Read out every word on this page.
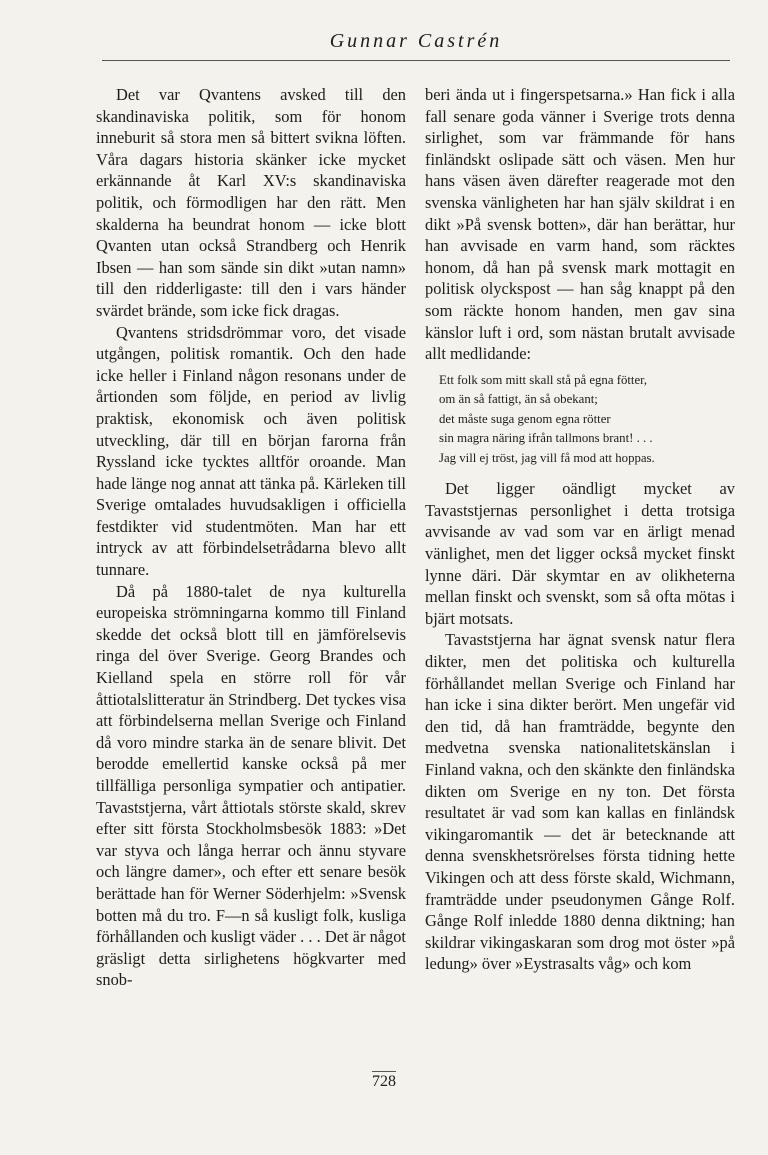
Gunnar Castrén

Det var Qvantens avsked till den skandinaviska politik, som för honom inneburit så stora men så bittert svikna löften. Våra dagars historia skänker icke mycket erkännande åt Karl XV:s skandinaviska politik, och förmodligen har den rätt. Men skalderna ha beundrat honom — icke blott Qvanten utan också Strandberg och Henrik Ibsen — han som sände sin dikt »utan namn» till den ridderligaste: till den i vars händer svärdet brände, som icke fick dragas.

Qvantens stridsdrömmar voro, det visade utgången, politisk romantik. Och den hade icke heller i Finland någon resonans under de årtionden som följde, en period av livlig praktisk, ekonomisk och även politisk utveckling, där till en början farorna från Ryssland icke tycktes alltför oroande. Man hade länge nog annat att tänka på. Kärleken till Sverige omtalades huvudsakligen i officiella festdikter vid studentmöten. Man har ett intryck av att förbindelsetrådarna blevo allt tunnare.

Då på 1880-talet de nya kulturella europeiska strömningarna kommo till Finland skedde det också blott till en jämförelsevis ringa del över Sverige. Georg Brandes och Kielland spela en större roll för vår åttiotalslitteratur än Strindberg. Det tyckes visa att förbindelserna mellan Sverige och Finland då voro mindre starka än de senare blivit. Det berodde emellertid kanske också på mer tillfälliga personliga sympatier och antipatier. Tavaststjerna, vårt åttiotals störste skald, skrev efter sitt första Stockholmsbesök 1883: »Det var styva och långa herrar och ännu styvare och längre damer», och efter ett senare besök berättade han för Werner Söderhjelm: »Svensk botten må du tro. F—n så kusligt folk, kusliga förhållanden och kusligt väder . . . Det är något gräsligt detta sirlighetens högkvarter med snob-

beri ända ut i fingerspetsarna.» Han fick i alla fall senare goda vänner i Sverige trots denna sirlighet, som var främmande för hans finländskt oslipade sätt och väsen. Men hur hans väsen även därefter reagerade mot den svenska vänligheten har han själv skildrat i en dikt »På svensk botten», där han berättar, hur han avvisade en varm hand, som räcktes honom, då han på svensk mark mottagit en politisk olyckspost — han såg knappt på den som räckte honom handen, men gav sina känslor luft i ord, som nästan brutalt avvisade allt medlidande:

Ett folk som mitt skall stå på egna fötter,
om än så fattigt, än så obekant;
det måste suga genom egna rötter
sin magra näring ifrån tallmons brant! . . .
Jag vill ej tröst, jag vill få mod att hoppas.

Det ligger oändligt mycket av Tavaststjernas personlighet i detta trotsiga avvisande av vad som var en ärligt menad vänlighet, men det ligger också mycket finskt lynne däri. Där skymtar en av olikheterna mellan finskt och svenskt, som så ofta mötas i bjärt motsats.

Tavaststjerna har ägnat svensk natur flera dikter, men det politiska och kulturella förhållandet mellan Sverige och Finland har han icke i sina dikter berört. Men ungefär vid den tid, då han framträdde, begynte den medvetna svenska nationalitetskänslan i Finland vakna, och den skänkte den finländska dikten om Sverige en ny ton. Det första resultatet är vad som kan kallas en finländsk vikingaromantik — det är betecknande att denna svenskhetsrörelses första tidning hette Vikingen och att dess förste skald, Wichmann, framträdde under pseudonymen Gånge Rolf. Gånge Rolf inledde 1880 denna diktning; han skildrar vikingaskaran som drog mot öster »på ledung» över »Eystrasalts våg» och kom

728
